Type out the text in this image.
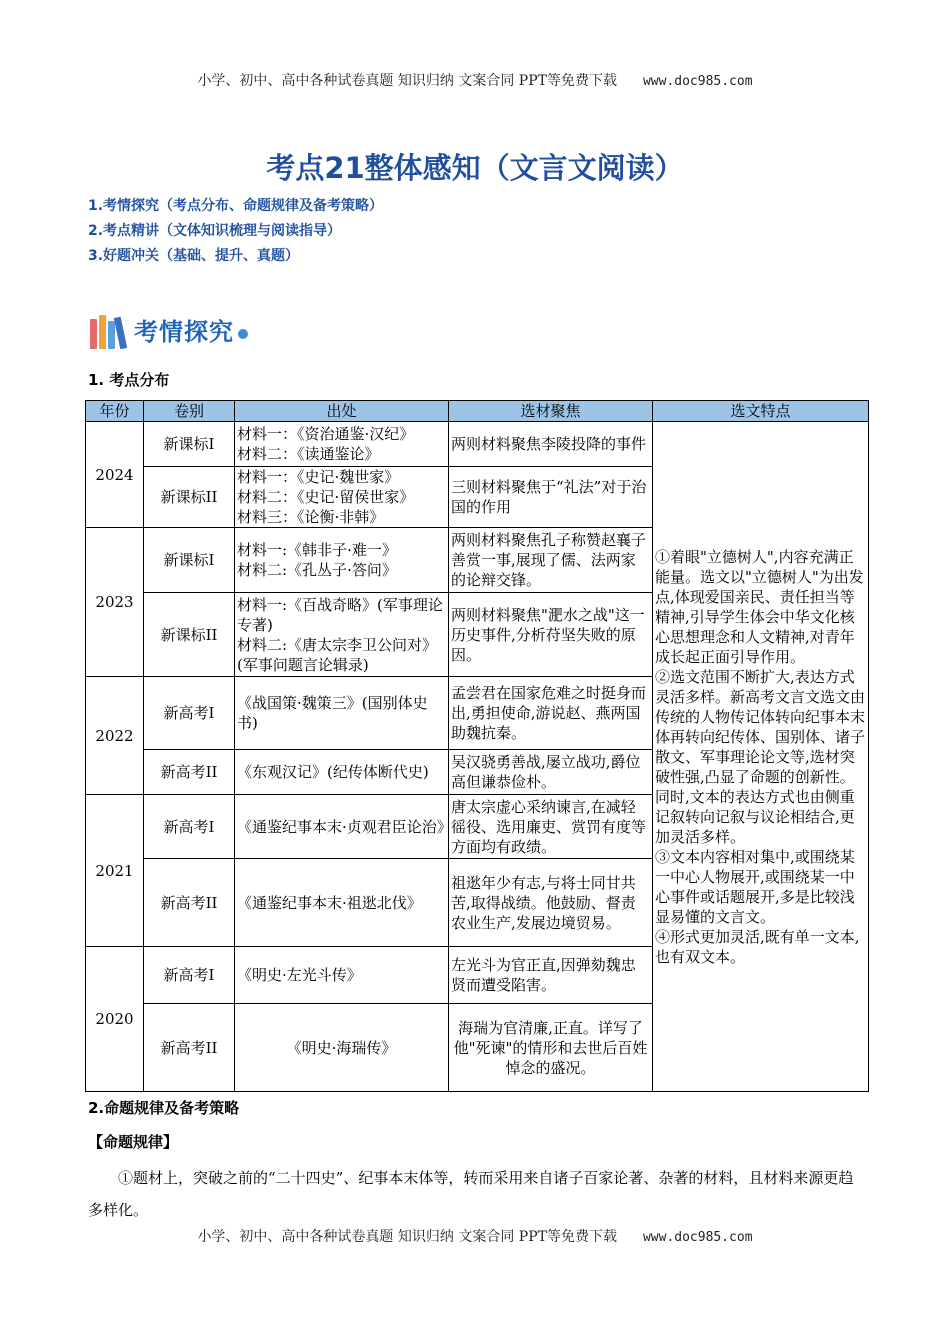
小学、初中、高中各种试卷真题 知识归纳 文案合同 PPT等免费下载 www.doc985.com
考点21整体感知（文言文阅读）
1.考情探究（考点分布、命题规律及备考策略）
2.考点精讲（文体知识梳理与阅读指导）
3.好题冲关（基础、提升、真题）
考情探究
1. 考点分布
年份	卷别	出处	选材聚焦	选文特点
2024	新课标I	材料一：《资治通鉴·汉纪》
材料二：《读通鉴论》	两则材料聚焦李陵投降的事件	①着眼"立德树人",内容充满正能量。选文以"立德树人"为出发点,体现爱国亲民、责任担当等精神,引导学生体会中华文化核心思想理念和人文精神,对青年成长起正面引导作用。
②选文范围不断扩大,表达方式灵活多样。新高考文言文选文由传统的人物传记体转向纪事本末体再转向纪传体、国别体、诸子散文、军事理论论文等,选材突破性强,凸显了命题的创新性。同时,文本的表达方式也由侧重记叙转向记叙与议论相结合,更加灵活多样。
③文本内容相对集中,或围绕某一中心人物展开,或围绕某一中心事件或话题展开,多是比较浅显易懂的文言文。
④形式更加灵活,既有单一文本,也有双文本。
	新课标II	材料一：《史记·魏世家》
材料二：《史记·留侯世家》
材料三：《论衡·非韩》	三则材料聚焦于“礼法”对于治国的作用	
2023	新课标I	材料一:《韩非子·难一》
材料二:《孔丛子·答问》	两则材料聚焦孔子称赞赵襄子善赏一事,展现了儒、法两家的论辩交锋。	
	新课标II	材料一:《百战奇略》(军事理论专著)
材料二:《唐太宗李卫公问对》(军事问题言论辑录)	两则材料聚焦"淝水之战"这一历史事件,分析苻坚失败的原因。	
2022	新高考I	《战国策·魏策三》(国别体史书)	孟尝君在国家危难之时挺身而出,勇担使命,游说赵、燕两国助魏抗秦。	
	新高考II	《东观汉记》(纪传体断代史)	吴汉骁勇善战,屡立战功,爵位高但谦恭俭朴。	
2021	新高考I	《通鉴纪事本末·贞观君臣论治》	唐太宗虚心采纳谏言,在减轻徭役、选用廉吏、赏罚有度等方面均有政绩。	
	新高考II	《通鉴纪事本末·祖逖北伐》	祖逖年少有志,与将士同甘共苦,取得战绩。他鼓励、督责农业生产,发展边境贸易。	
2020	新高考I	《明史·左光斗传》	左光斗为官正直,因弹劾魏忠贤而遭受陷害。	
	新高考II	《明史·海瑞传》	海瑞为官清廉,正直。详写了他"死谏"的情形和去世后百姓悼念的盛况。	
2.命题规律及备考策略
【命题规律】
①题材上，突破之前的“二十四史”、纪事本末体等，转而采用来自诸子百家论著、杂著的材料，且材料来源更趋多样化。
小学、初中、高中各种试卷真题 知识归纳 文案合同 PPT等免费下载 www.doc985.com
